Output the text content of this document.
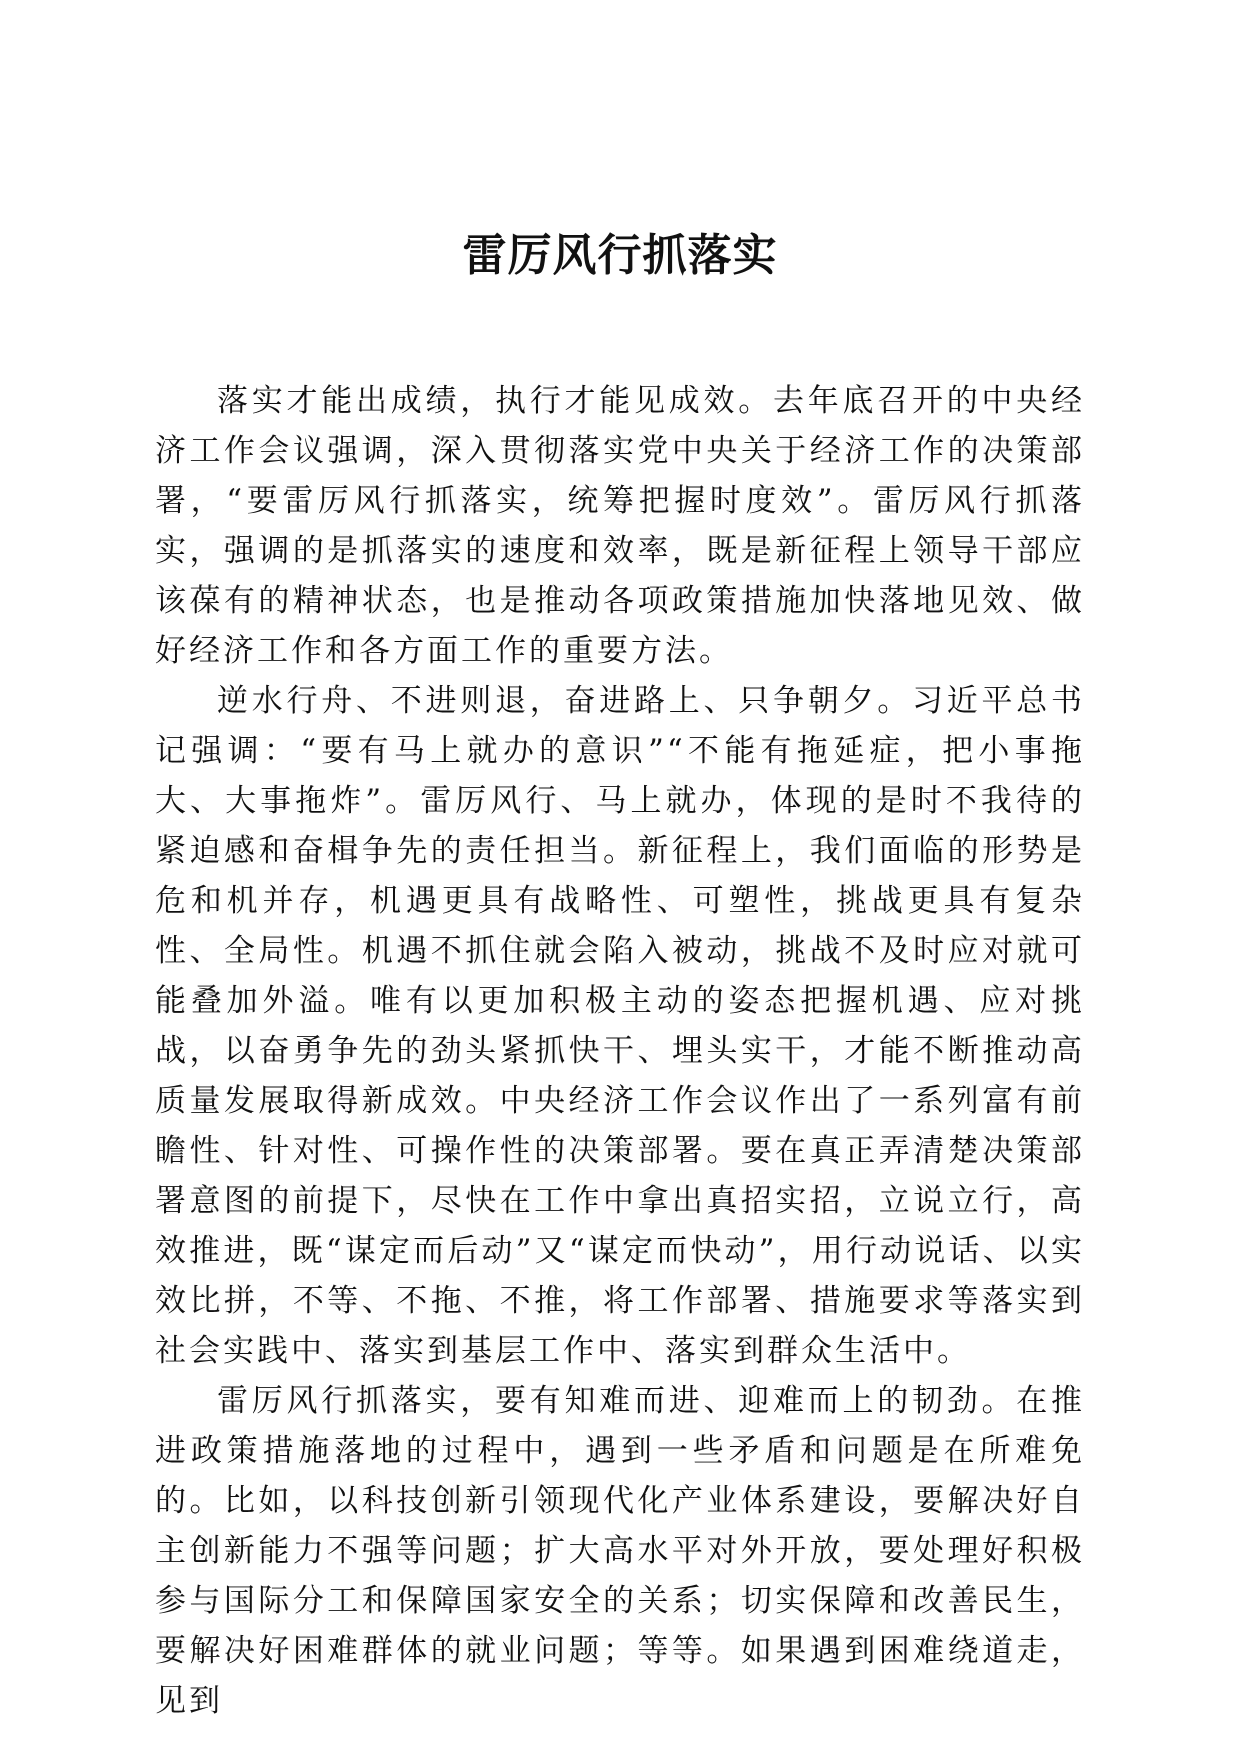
雷厉风行抓落实

落实才能出成绩，执行才能见成效。去年底召开的中央经济工作会议强调，深入贯彻落实党中央关于经济工作的决策部署，“要雷厉风行抓落实，统筹把握时度效”。雷厉风行抓落实，强调的是抓落实的速度和效率，既是新征程上领导干部应该葆有的精神状态，也是推动各项政策措施加快落地见效、做好经济工作和各方面工作的重要方法。

逆水行舟、不进则退，奋进路上、只争朝夕。习近平总书记强调：“要有马上就办的意识”“不能有拖延症，把小事拖大、大事拖炸”。雷厉风行、马上就办，体现的是时不我待的紧迫感和奋楫争先的责任担当。新征程上，我们面临的形势是危和机并存，机遇更具有战略性、可塑性，挑战更具有复杂性、全局性。机遇不抓住就会陷入被动，挑战不及时应对就可能叠加外溢。唯有以更加积极主动的姿态把握机遇、应对挑战，以奋勇争先的劲头紧抓快干、埋头实干，才能不断推动高质量发展取得新成效。中央经济工作会议作出了一系列富有前瞻性、针对性、可操作性的决策部署。要在真正弄清楚决策部署意图的前提下，尽快在工作中拿出真招实招，立说立行，高效推进，既“谋定而后动”又“谋定而快动”，用行动说话、以实效比拼，不等、不拖、不推，将工作部署、措施要求等落实到社会实践中、落实到基层工作中、落实到群众生活中。

雷厉风行抓落实，要有知难而进、迎难而上的韧劲。在推进政策措施落地的过程中，遇到一些矛盾和问题是在所难免的。比如，以科技创新引领现代化产业体系建设，要解决好自主创新能力不强等问题；扩大高水平对外开放，要处理好积极参与国际分工和保障国家安全的关系；切实保障和改善民生，要解决好困难群体的就业问题；等等。如果遇到困难绕道走，见到
